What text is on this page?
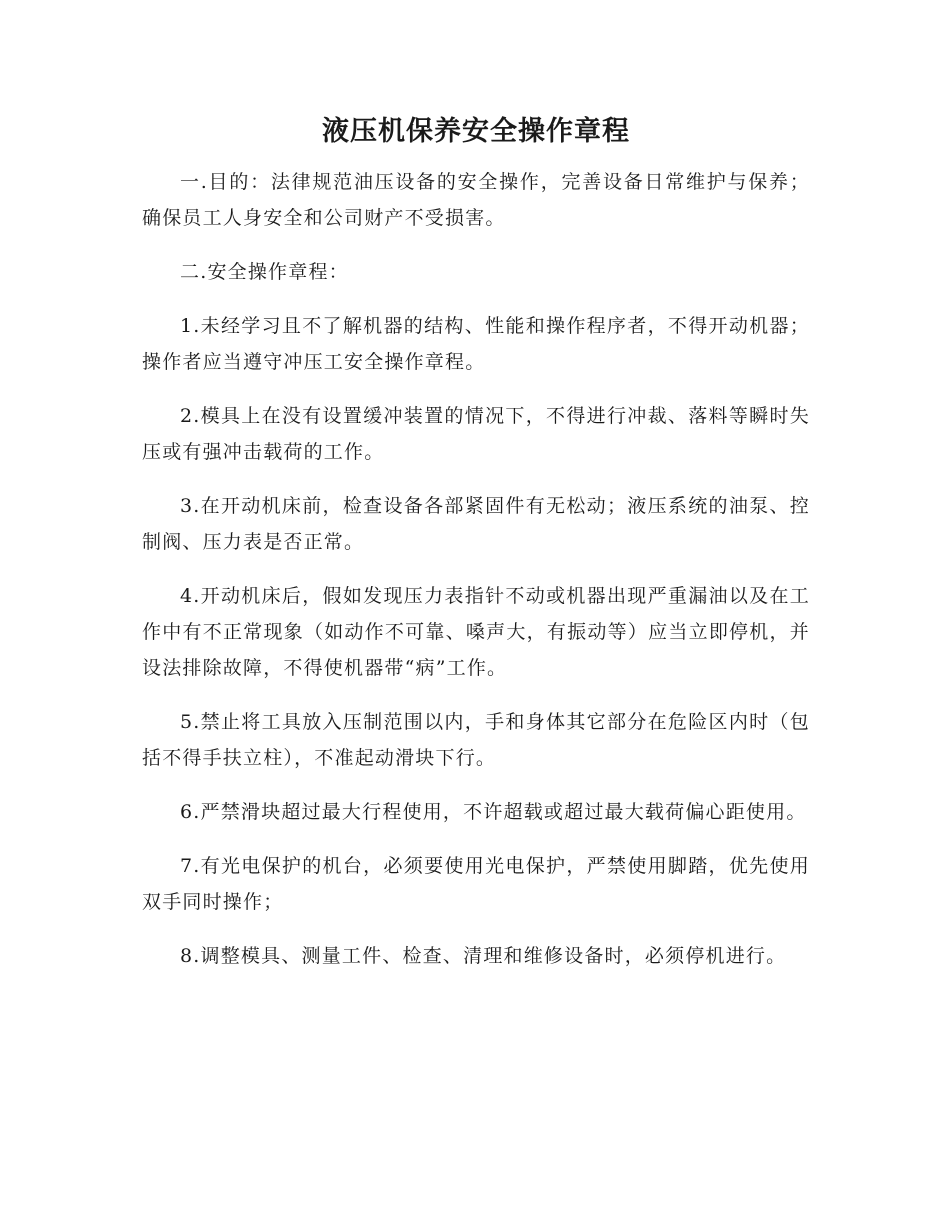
液压机保养安全操作章程

一.目的：法律规范油压设备的安全操作，完善设备日常维护与保养；确保员工人身安全和公司财产不受损害。

二.安全操作章程：

1.未经学习且不了解机器的结构、性能和操作程序者，不得开动机器；操作者应当遵守冲压工安全操作章程。

2.模具上在没有设置缓冲装置的情况下，不得进行冲裁、落料等瞬时失压或有强冲击载荷的工作。

3.在开动机床前，检查设备各部紧固件有无松动；液压系统的油泵、控制阀、压力表是否正常。

4.开动机床后，假如发现压力表指针不动或机器出现严重漏油以及在工作中有不正常现象（如动作不可靠、嗓声大，有振动等）应当立即停机，并设法排除故障，不得使机器带“病”工作。

5.禁止将工具放入压制范围以内，手和身体其它部分在危险区内时（包括不得手扶立柱），不准起动滑块下行。

6.严禁滑块超过最大行程使用，不许超载或超过最大载荷偏心距使用。

7.有光电保护的机台，必须要使用光电保护，严禁使用脚踏，优先使用双手同时操作；

8.调整模具、测量工件、检查、清理和维修设备时，必须停机进行。
